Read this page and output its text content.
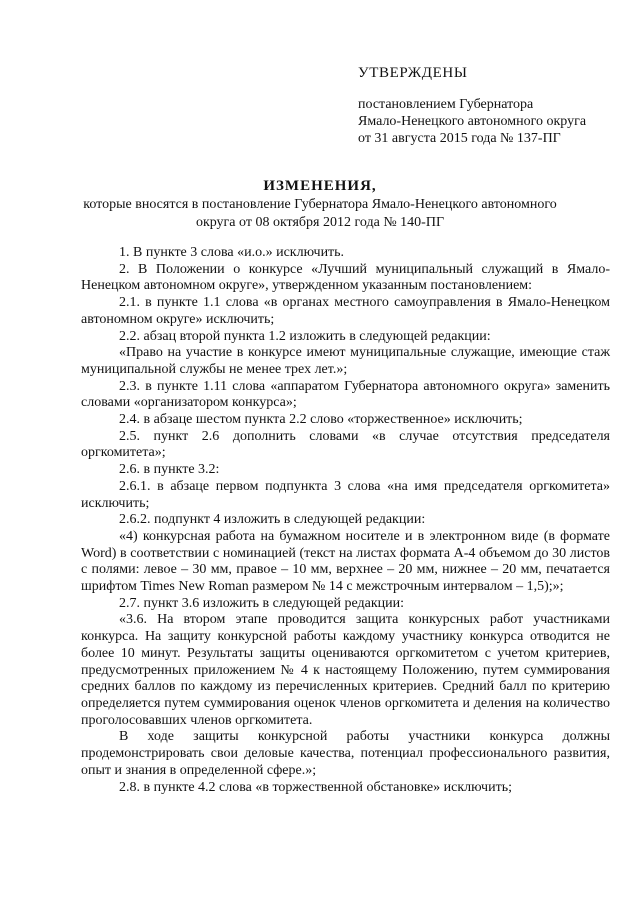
УТВЕРЖДЕНЫ
постановлением Губернатора
Ямало-Ненецкого автономного округа
от 31 августа 2015 года № 137-ПГ
ИЗМЕНЕНИЯ,
которые вносятся в постановление Губернатора Ямало-Ненецкого автономного
округа от 08 октября 2012 года № 140-ПГ

1. В пункте 3 слова «и.о.» исключить.

2. В Положении о конкурсе «Лучший муниципальный служащий в Ямало-Ненецком автономном округе», утвержденном указанным постановлением:

2.1. в пункте 1.1 слова «в органах местного самоуправления в Ямало-Ненецком автономном округе» исключить;

2.2. абзац второй пункта 1.2 изложить в следующей редакции:

«Право на участие в конкурсе имеют муниципальные служащие, имеющие стаж муниципальной службы не менее трех лет.»;

2.3. в пункте 1.11 слова «аппаратом Губернатора автономного округа» заменить словами «организатором конкурса»;

2.4. в абзаце шестом пункта 2.2 слово «торжественное» исключить;

2.5. пункт 2.6 дополнить словами «в случае отсутствия председателя оргкомитета»;

2.6. в пункте 3.2:

2.6.1. в абзаце первом подпункта 3 слова «на имя председателя оргкомитета» исключить;

2.6.2. подпункт 4 изложить в следующей редакции:

«4) конкурсная работа на бумажном носителе и в электронном виде (в формате Word) в соответствии с номинацией (текст на листах формата А-4 объемом до 30 листов с полями: левое – 30 мм, правое – 10 мм, верхнее – 20 мм, нижнее – 20 мм, печатается шрифтом Times New Roman размером № 14 с межстрочным интервалом – 1,5);»;

2.7. пункт 3.6 изложить в следующей редакции:

«3.6. На втором этапе проводится защита конкурсных работ участниками конкурса. На защиту конкурсной работы каждому участнику конкурса отводится не более 10 минут. Результаты защиты оцениваются оргкомитетом с учетом критериев, предусмотренных приложением № 4 к настоящему Положению, путем суммирования средних баллов по каждому из перечисленных критериев. Средний балл по критерию определяется путем суммирования оценок членов оргкомитета и деления на количество проголосовавших членов оргкомитета.

В ходе защиты конкурсной работы участники конкурса должны продемонстрировать свои деловые качества, потенциал профессионального развития, опыт и знания в определенной сфере.»;

2.8. в пункте 4.2 слова «в торжественной обстановке» исключить;
